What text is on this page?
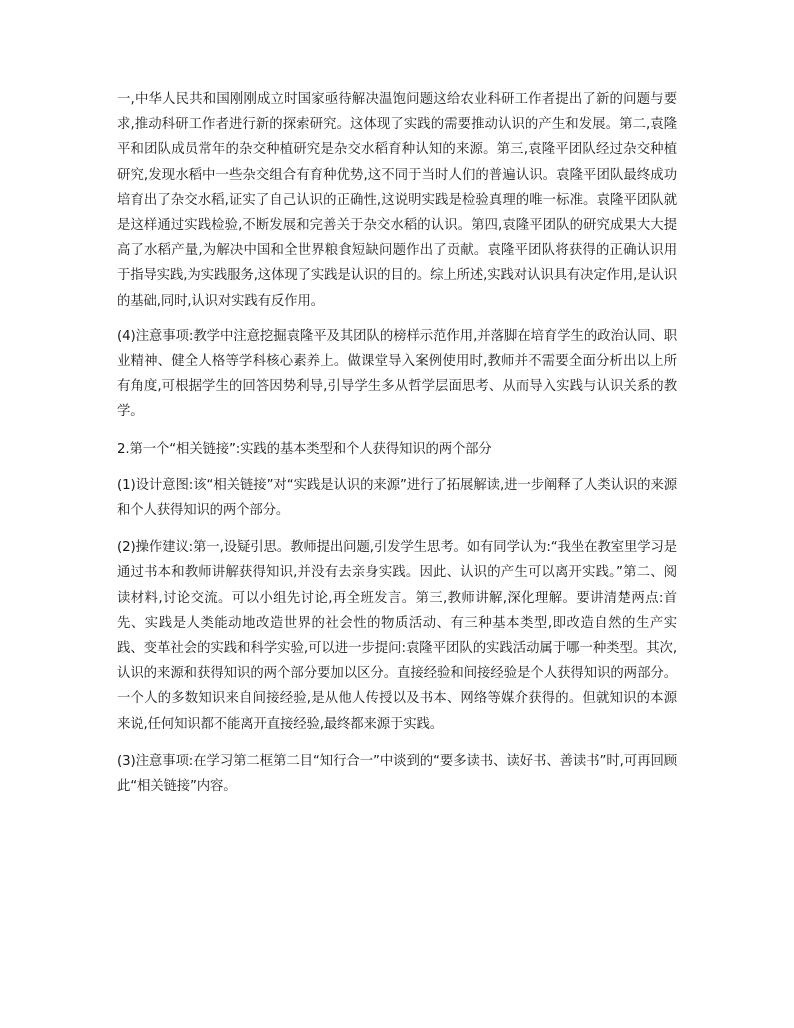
一,中华人民共和国刚刚成立时国家亟待解决温饱问题这给农业科研工作者提出了新的问题与要求,推动科研工作者进行新的探索研究。这体现了实践的需要推动认识的产生和发展。第二,袁隆平和团队成员常年的杂交种植研究是杂交水稻育种认知的来源。第三,袁隆平团队经过杂交种植研究,发现水稻中一些杂交组合有育种优势,这不同于当时人们的普遍认识。袁隆平团队最终成功培育出了杂交水稻,证实了自己认识的正确性,这说明实践是检验真理的唯一标准。袁隆平团队就是这样通过实践检验,不断发展和完善关于杂交水稻的认识。第四,袁隆平团队的研究成果大大提高了水稻产量,为解决中国和全世界粮食短缺问题作出了贡献。袁隆平团队将获得的正确认识用于指导实践,为实践服务,这体现了实践是认识的目的。综上所述,实践对认识具有决定作用,是认识的基础,同时,认识对实践有反作用。

(4)注意事项:教学中注意挖掘袁隆平及其团队的榜样示范作用,并落脚在培育学生的政治认同、职业精神、健全人格等学科核心素养上。做课堂导入案例使用时,教师并不需要全面分析出以上所有角度,可根据学生的回答因势利导,引导学生多从哲学层面思考、从而导入实践与认识关系的教学。

2.第一个“相关链接”:实践的基本类型和个人获得知识的两个部分

(1)设计意图:该“相关链接”对“实践是认识的来源”进行了拓展解读,进一步阐释了人类认识的来源和个人获得知识的两个部分。

(2)操作建议:第一,设疑引思。教师提出问题,引发学生思考。如有同学认为:“我坐在教室里学习是通过书本和教师讲解获得知识,并没有去亲身实践。因此、认识的产生可以离开实践。”第二、阅读材料,讨论交流。可以小组先讨论,再全班发言。第三,教师讲解,深化理解。要讲清楚两点:首先、实践是人类能动地改造世界的社会性的物质活动、有三种基本类型,即改造自然的生产实践、变革社会的实践和科学实验,可以进一步提问:袁隆平团队的实践活动属于哪一种类型。其次,认识的来源和获得知识的两个部分要加以区分。直接经验和间接经验是个人获得知识的两部分。一个人的多数知识来自间接经验,是从他人传授以及书本、网络等媒介获得的。但就知识的本源来说,任何知识都不能离开直接经验,最终都来源于实践。

(3)注意事项:在学习第二框第二目“知行合一”中谈到的“要多读书、读好书、善读书”时,可再回顾此“相关链接”内容。
